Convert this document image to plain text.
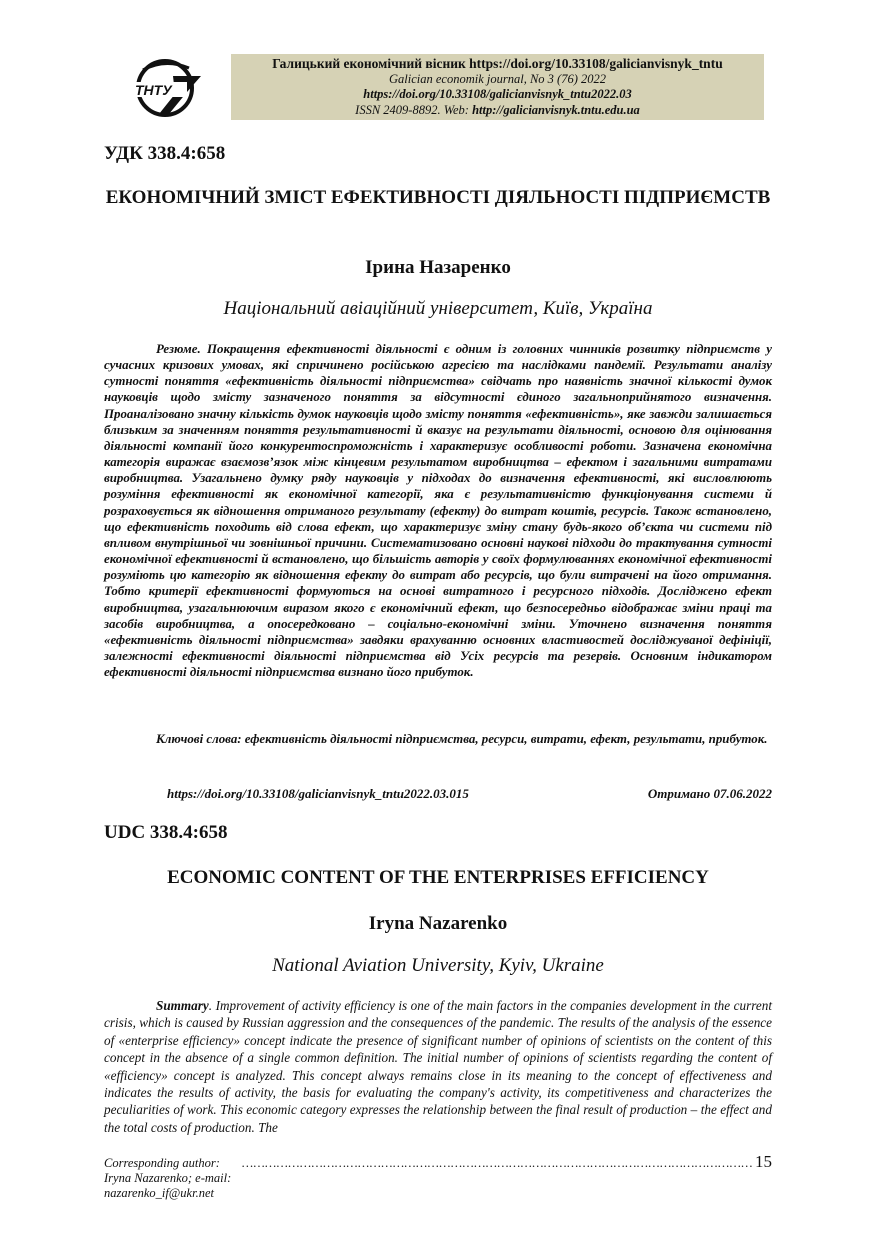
ТНТУ
Галицький економічний вісник https://doi.org/10.33108/galicianvisnyk_tntu
Galician economik journal, No 3 (76) 2022
https://doi.org/10.33108/galicianvisnyk_tntu2022.03
ISSN 2409-8892. Web: http://galicianvisnyk.tntu.edu.ua
УДК 338.4:658
ЕКОНОМІЧНИЙ ЗМІСТ ЕФЕКТИВНОСТІ ДІЯЛЬНОСТІ ПІДПРИЄМСТВ
Ірина Назаренко
Національний авіаційний університет, Київ, Україна

Резюме. Покращення ефективності діяльності є одним із головних чинників розвитку підприємств у сучасних кризових умовах, які спричинено російською агресією та наслідками пандемії. Результати аналізу сутності поняття «ефективність діяльності підприємства» свідчать про наявність значної кількості думок науковців щодо змісту зазначеного поняття за відсутності єдиного загальноприйнятого визначення. Проаналізовано значну кількість думок науковців щодо змісту поняття «ефективність», яке завжди залишається близьким за значенням поняття результативності й вказує на результати діяльності, основою для оцінювання діяльності компанії його конкурентоспроможність і характеризує особливості роботи. Зазначена економічна категорія виражає взаємозв’язок між кінцевим результатом виробництва – ефектом і загальними витратами виробництва. Узагальнено думку ряду науковців у підходах до визначення ефективності, які висловлюють розуміння ефективності як економічної категорії, яка є результативністю функціонування системи й розраховується як відношення отриманого результату (ефекту) до витрат коштів, ресурсів. Також встановлено, що ефективність походить від слова ефект, що характеризує зміну стану будь-якого об’єкта чи системи під впливом внутрішньої чи зовнішньої причини. Систематизовано основні наукові підходи до трактування сутності економічної ефективності й встановлено, що більшість авторів у своїх формулюваннях економічної ефективності розуміють цю категорію як відношення ефекту до витрат або ресурсів, що були витрачені на його отримання. Тобто критерії ефективності формуються на основі витратного і ресурсного підходів. Досліджено ефект виробництва, узагальнюючим виразом якого є економічний ефект, що безпосередньо відображає зміни праці та засобів виробництва, а опосередковано – соціально-економічні зміни. Уточнено визначення поняття «ефективність діяльності підприємства» завдяки врахуванню основних властивостей досліджуваної дефініції, залежності ефективності діяльності підприємства від Усіх ресурсів та резервів. Основним індикатором ефективності діяльності підприємства визнано його прибуток.

Ключові слова: ефективність діяльності підприємства, ресурси, витрати, ефект, результати, прибуток.
https://doi.org/10.33108/galicianvisnyk_tntu2022.03.015	Отримано 07.06.2022
UDC 338.4:658
ECONOMIC CONTENT OF THE ENTERPRISES EFFICIENCY
Iryna Nazarenko
National Aviation University, Kyiv, Ukraine

Summary. Improvement of activity efficiency is one of the main factors in the companies development in the current crisis, which is caused by Russian aggression and the consequences of the pandemic. The results of the analysis of the essence of «enterprise efficiency» concept indicate the presence of significant number of opinions of scientists on the content of this concept in the absence of a single common definition. The initial number of opinions of scientists regarding the content of «efficiency» concept is analyzed. This concept always remains close in its meaning to the concept of effectiveness and indicates the results of activity, the basis for evaluating the company's activity, its competitiveness and characterizes the peculiarities of work. This economic category expresses the relationship between the final result of production – the effect and the total costs of production. The

Corresponding author: Iryna Nazarenko; e-mail: nazarenko_if@ukr.net
…………………………………………………………………………………………………………………… 15
